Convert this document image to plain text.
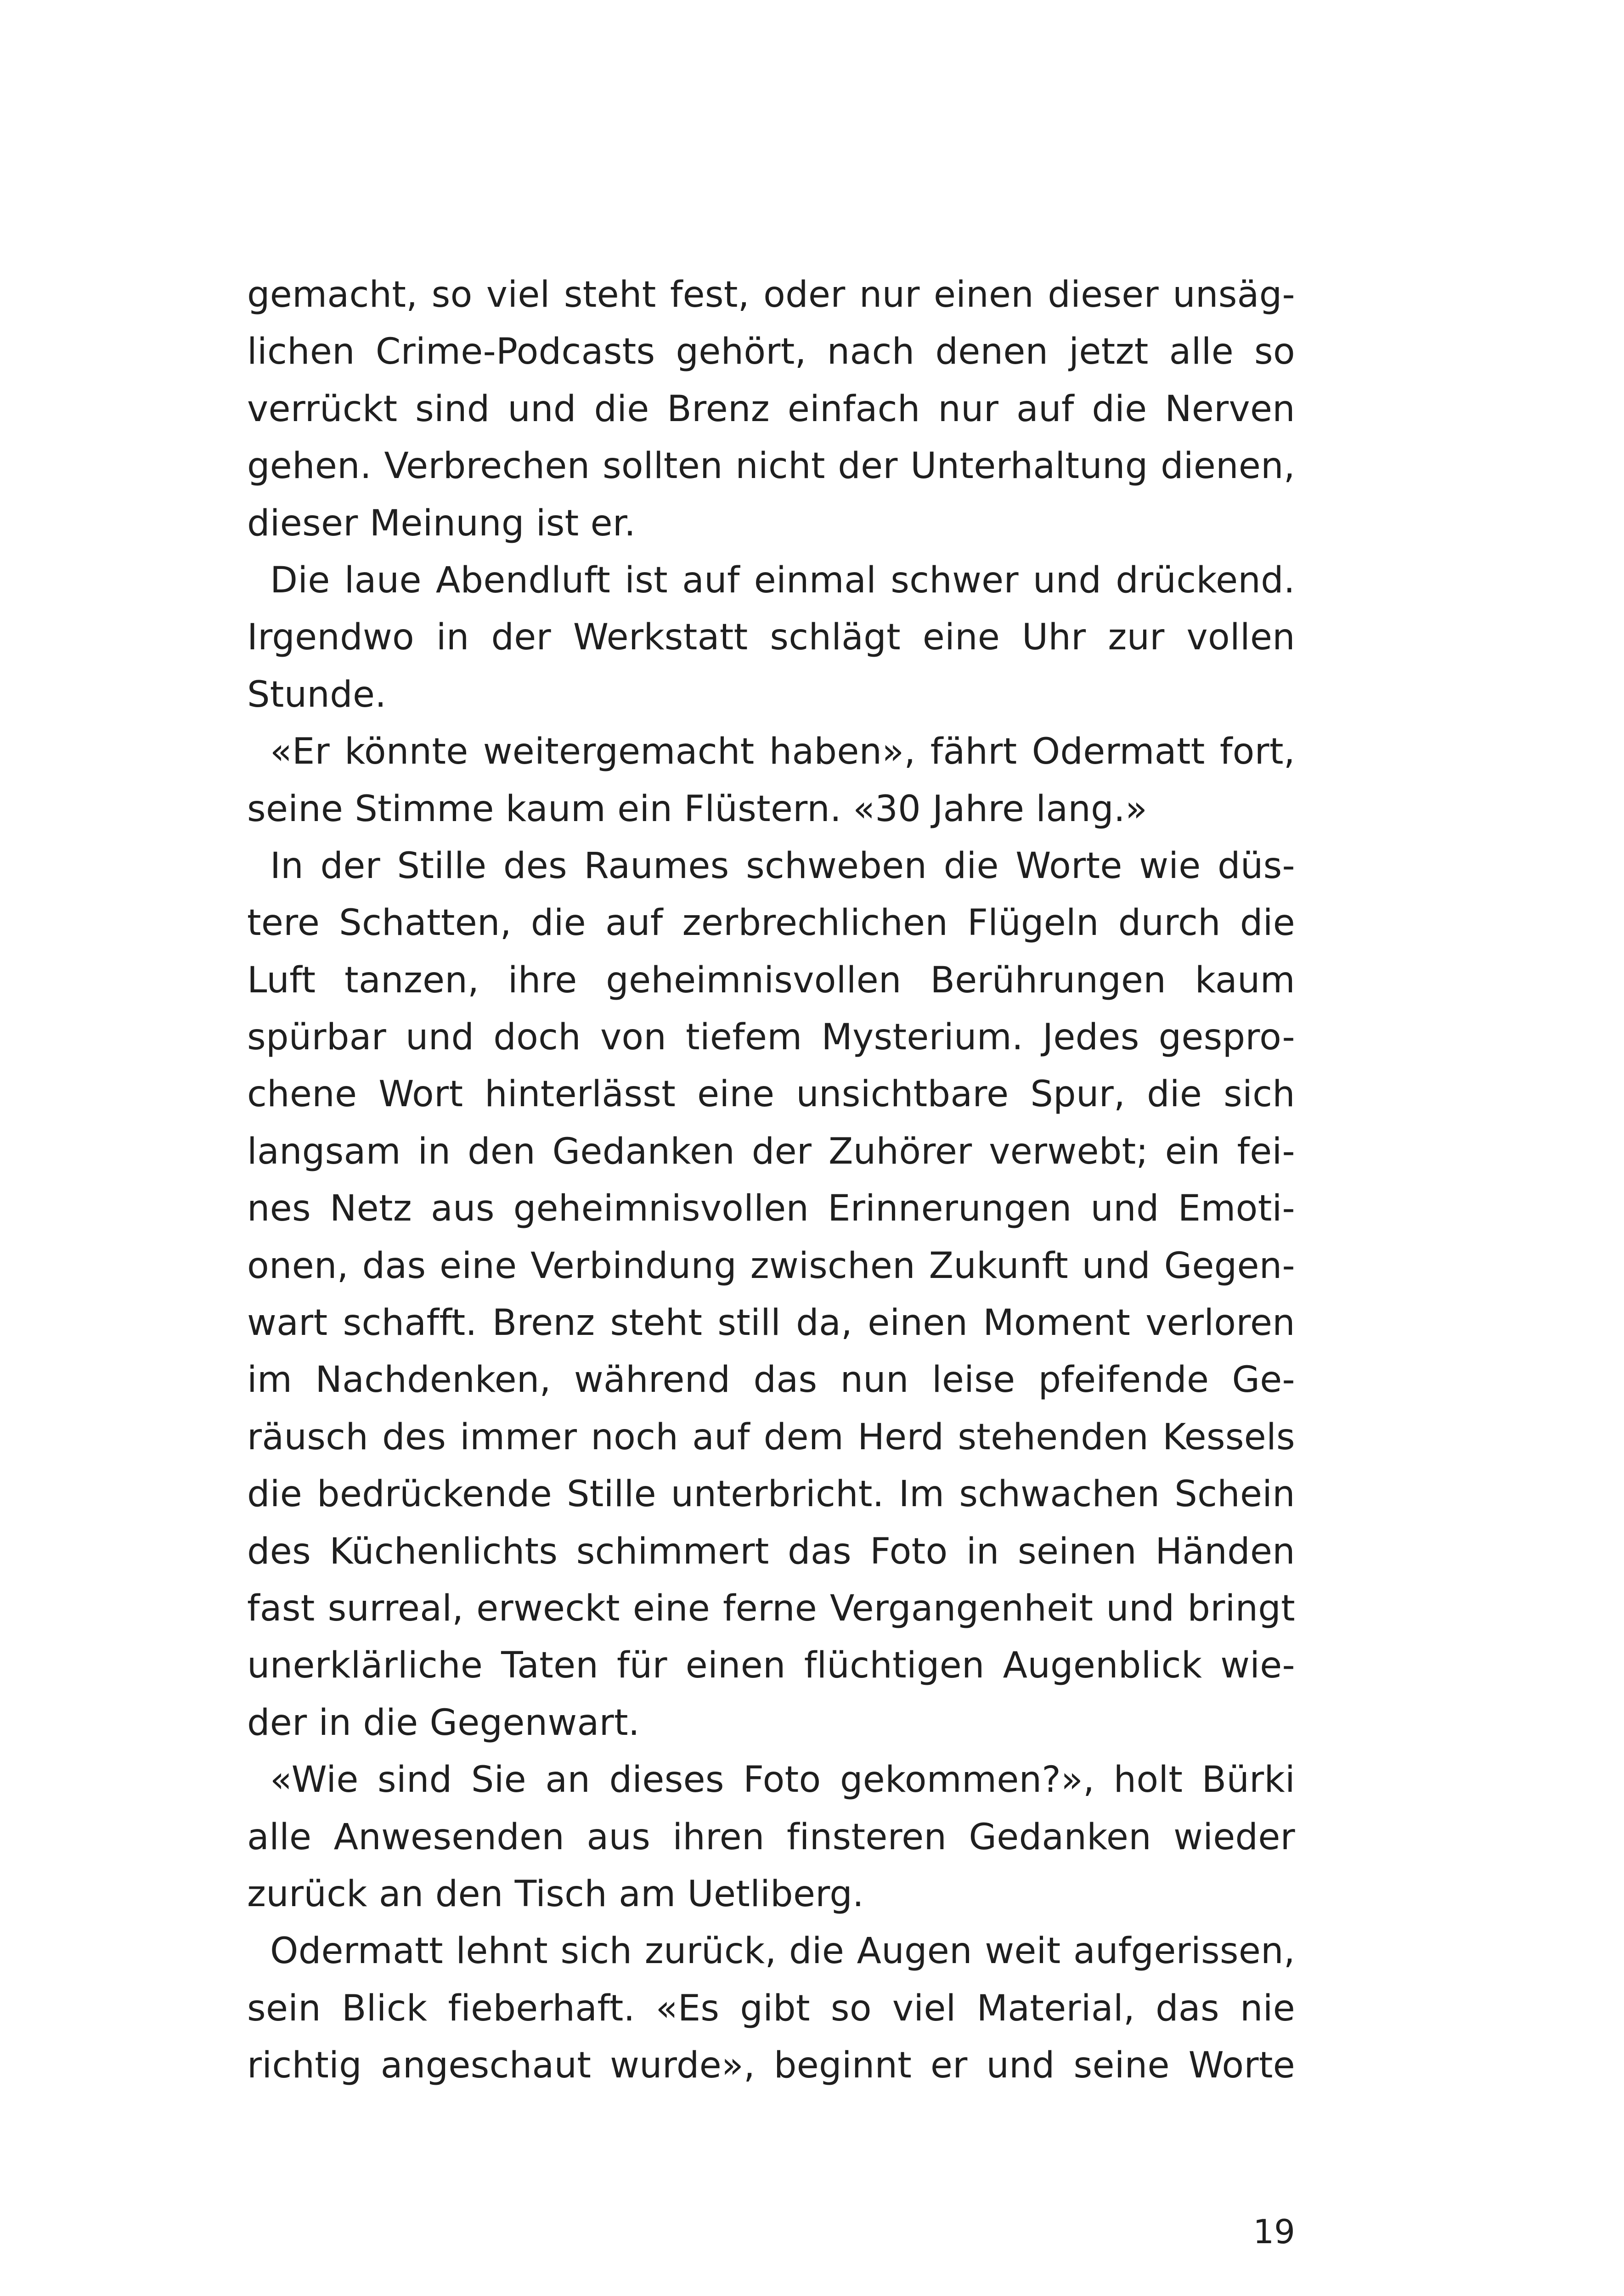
gemacht, so viel steht fest, oder nur einen dieser unsäg-
lichen Crime-Podcasts gehört, nach denen jetzt alle so
verrückt sind und die Brenz einfach nur auf die Nerven
gehen. Verbrechen sollten nicht der Unterhaltung dienen,
dieser Meinung ist er.
Die laue Abendluft ist auf einmal schwer und drückend.
Irgendwo in der Werkstatt schlägt eine Uhr zur vollen
Stunde.
«Er könnte weitergemacht haben», fährt Odermatt fort,
seine Stimme kaum ein Flüstern. «30 Jahre lang.»
In der Stille des Raumes schweben die Worte wie düs-
tere Schatten, die auf zerbrechlichen Flügeln durch die
Luft tanzen, ihre geheimnisvollen Berührungen kaum
spürbar und doch von tiefem Mysterium. Jedes gespro-
chene Wort hinterlässt eine unsichtbare Spur, die sich
langsam in den Gedanken der Zuhörer verwebt; ein fei-
nes Netz aus geheimnisvollen Erinnerungen und Emoti-
onen, das eine Verbindung zwischen Zukunft und Gegen-
wart schafft. Brenz steht still da, einen Moment verloren
im Nachdenken, während das nun leise pfeifende Ge-
räusch des immer noch auf dem Herd stehenden Kessels
die bedrückende Stille unterbricht. Im schwachen Schein
des Küchenlichts schimmert das Foto in seinen Händen
fast surreal, erweckt eine ferne Vergangenheit und bringt
unerklärliche Taten für einen flüchtigen Augenblick wie-
der in die Gegenwart.
«Wie sind Sie an dieses Foto gekommen?», holt Bürki
alle Anwesenden aus ihren finsteren Gedanken wieder
zurück an den Tisch am Uetliberg.
Odermatt lehnt sich zurück, die Augen weit aufgerissen,
sein Blick fieberhaft. «Es gibt so viel Material, das nie
richtig angeschaut wurde», beginnt er und seine Worte
19
